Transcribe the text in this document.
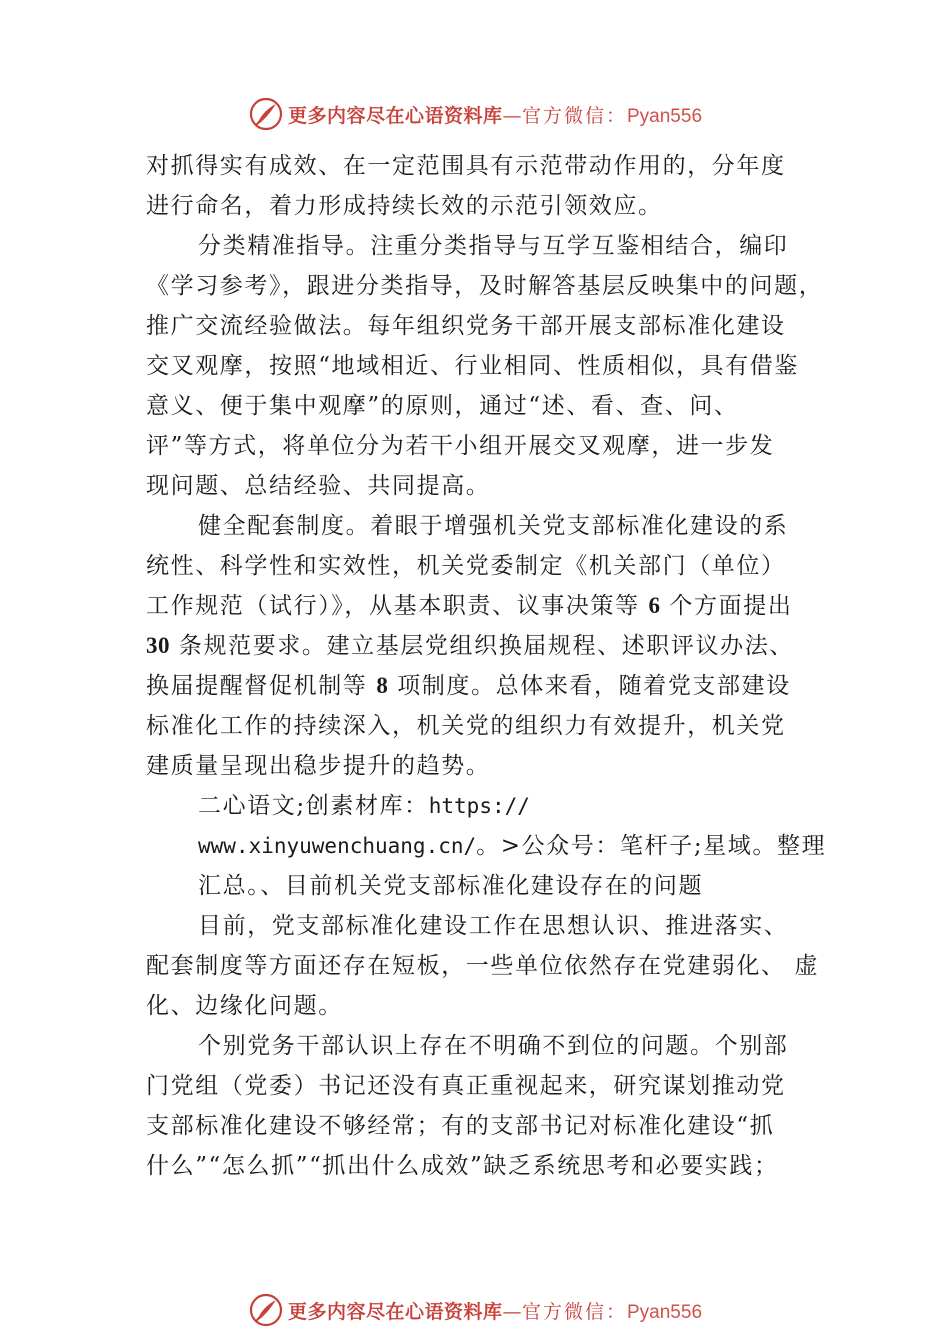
更多内容尽在心语资料库—官方微信：Pyan556
对抓得实有成效、在一定范围具有示范带动作用的，分年度
进行命名，着力形成持续长效的示范引领效应。
分类精准指导。注重分类指导与互学互鉴相结合，编印
《学习参考》，跟进分类指导，及时解答基层反映集中的问题，
推广交流经验做法。每年组织党务干部开展支部标准化建设
交叉观摩，按照“地域相近、行业相同、性质相似，具有借鉴
意义、便于集中观摩”的原则，通过“述、看、查、问、
评”等方式，将单位分为若干小组开展交叉观摩，进一步发
现问题、总结经验、共同提高。
健全配套制度。着眼于增强机关党支部标准化建设的系
统性、科学性和实效性，机关党委制定《机关部门（单位）
工作规范（试行）》，从基本职责、议事决策等 6 个方面提出
30 条规范要求。建立基层党组织换届规程、述职评议办法、
换届提醒督促机制等 8 项制度。总体来看，随着党支部建设
标准化工作的持续深入，机关党的组织力有效提升，机关党
建质量呈现出稳步提升的趋势。
二心语文;创素材库：https://
www.xinyuwenchuang.cn/。>公众号：笔杆子;星域。整理
汇总。、目前机关党支部标准化建设存在的问题
目前，党支部标准化建设工作在思想认识、推进落实、
配套制度等方面还存在短板，一些单位依然存在党建弱化、 虚
化、边缘化问题。
个别党务干部认识上存在不明确不到位的问题。个别部
门党组（党委）书记还没有真正重视起来，研究谋划推动党
支部标准化建设不够经常；有的支部书记对标准化建设“抓
什么”“怎么抓”“抓出什么成效”缺乏系统思考和必要实践；
更多内容尽在心语资料库—官方微信：Pyan556
